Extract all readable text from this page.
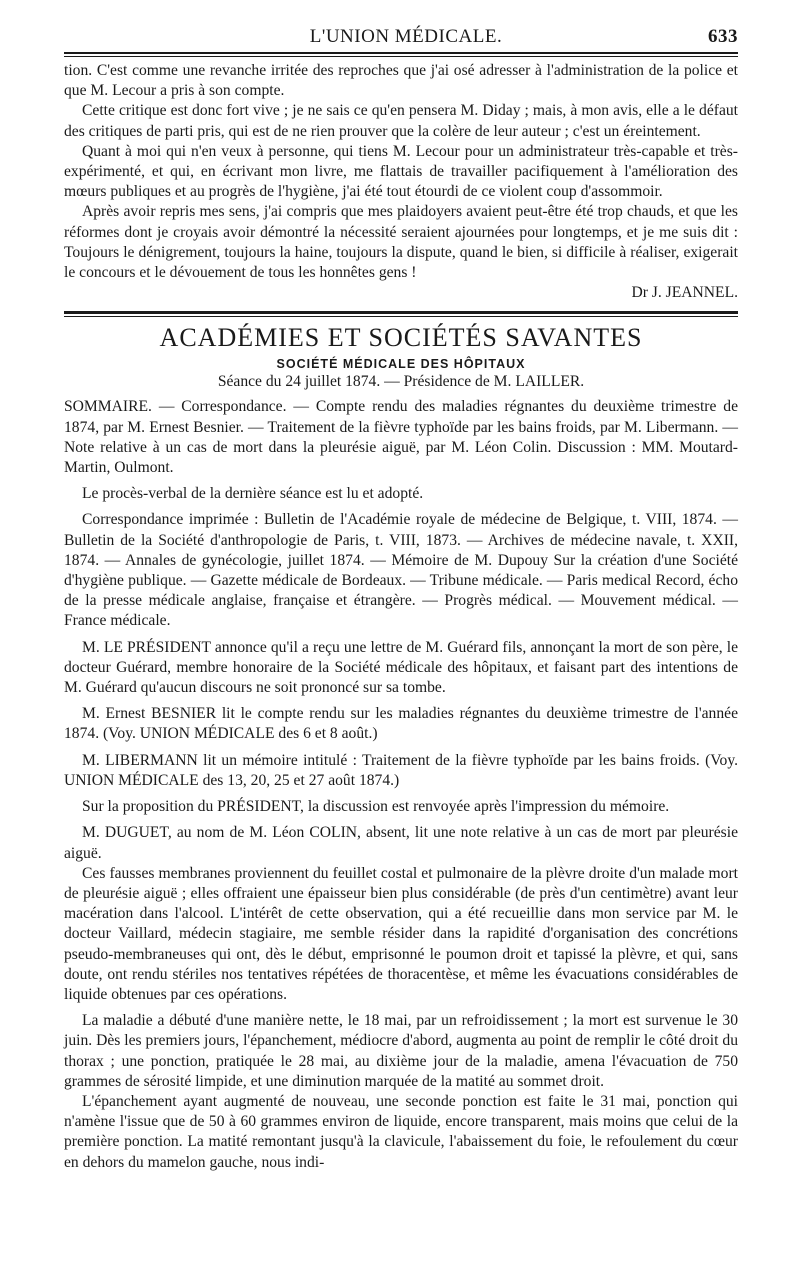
L'UNION MÉDICALE.	633

tion. C'est comme une revanche irritée des reproches que j'ai osé adresser à l'administration de la police et que M. Lecour a pris à son compte.

Cette critique est donc fort vive ; je ne sais ce qu'en pensera M. Diday ; mais, à mon avis, elle a le défaut des critiques de parti pris, qui est de ne rien prouver que la colère de leur auteur ; c'est un éreintement.

Quant à moi qui n'en veux à personne, qui tiens M. Lecour pour un administrateur très-capable et très-expérimenté, et qui, en écrivant mon livre, me flattais de travailler pacifiquement à l'amélioration des mœurs publiques et au progrès de l'hygiène, j'ai été tout étourdi de ce violent coup d'assommoir.

Après avoir repris mes sens, j'ai compris que mes plaidoyers avaient peut-être été trop chauds, et que les réformes dont je croyais avoir démontré la nécessité seraient ajournées pour longtemps, et je me suis dit : Toujours le dénigrement, toujours la haine, toujours la dispute, quand le bien, si difficile à réaliser, exigerait le concours et le dévouement de tous les honnêtes gens !

Dr J. JEANNEL.

ACADÉMIES ET SOCIÉTÉS SAVANTES
SOCIÉTÉ MÉDICALE DES HÔPITAUX
Séance du 24 juillet 1874. — Présidence de M. LAILLER.

SOMMAIRE. — Correspondance. — Compte rendu des maladies régnantes du deuxième trimestre de 1874, par M. Ernest Besnier. — Traitement de la fièvre typhoïde par les bains froids, par M. Libermann. — Note relative à un cas de mort dans la pleurésie aiguë, par M. Léon Colin. Discussion : MM. Moutard-Martin, Oulmont.

Le procès-verbal de la dernière séance est lu et adopté.

Correspondance imprimée : Bulletin de l'Académie royale de médecine de Belgique, t. VIII, 1874. — Bulletin de la Société d'anthropologie de Paris, t. VIII, 1873. — Archives de médecine navale, t. XXII, 1874. — Annales de gynécologie, juillet 1874. — Mémoire de M. Dupouy Sur la création d'une Société d'hygiène publique. — Gazette médicale de Bordeaux. — Tribune médicale. — Paris medical Record, écho de la presse médicale anglaise, française et étrangère. — Progrès médical. — Mouvement médical. — France médicale.

M. LE PRÉSIDENT annonce qu'il a reçu une lettre de M. Guérard fils, annonçant la mort de son père, le docteur Guérard, membre honoraire de la Société médicale des hôpitaux, et faisant part des intentions de M. Guérard qu'aucun discours ne soit prononcé sur sa tombe.

M. Ernest BESNIER lit le compte rendu sur les maladies régnantes du deuxième trimestre de l'année 1874. (Voy. UNION MÉDICALE des 6 et 8 août.)

M. LIBERMANN lit un mémoire intitulé : Traitement de la fièvre typhoïde par les bains froids. (Voy. UNION MÉDICALE des 13, 20, 25 et 27 août 1874.)

Sur la proposition du PRÉSIDENT, la discussion est renvoyée après l'impression du mémoire.

M. DUGUET, au nom de M. Léon COLIN, absent, lit une note relative à un cas de mort par pleurésie aiguë.

Ces fausses membranes proviennent du feuillet costal et pulmonaire de la plèvre droite d'un malade mort de pleurésie aiguë ; elles offraient une épaisseur bien plus considérable (de près d'un centimètre) avant leur macération dans l'alcool. L'intérêt de cette observation, qui a été recueillie dans mon service par M. le docteur Vaillard, médecin stagiaire, me semble résider dans la rapidité d'organisation des concrétions pseudo-membraneuses qui ont, dès le début, emprisonné le poumon droit et tapissé la plèvre, et qui, sans doute, ont rendu stériles nos tentatives répétées de thoracentèse, et même les évacuations considérables de liquide obtenues par ces opérations.

La maladie a débuté d'une manière nette, le 18 mai, par un refroidissement ; la mort est survenue le 30 juin. Dès les premiers jours, l'épanchement, médiocre d'abord, augmenta au point de remplir le côté droit du thorax ; une ponction, pratiquée le 28 mai, au dixième jour de la maladie, amena l'évacuation de 750 grammes de sérosité limpide, et une diminution marquée de la matité au sommet droit.

L'épanchement ayant augmenté de nouveau, une seconde ponction est faite le 31 mai, ponction qui n'amène l'issue que de 50 à 60 grammes environ de liquide, encore transparent, mais moins que celui de la première ponction. La matité remontant jusqu'à la clavicule, l'abaissement du foie, le refoulement du cœur en dehors du mamelon gauche, nous indi-
